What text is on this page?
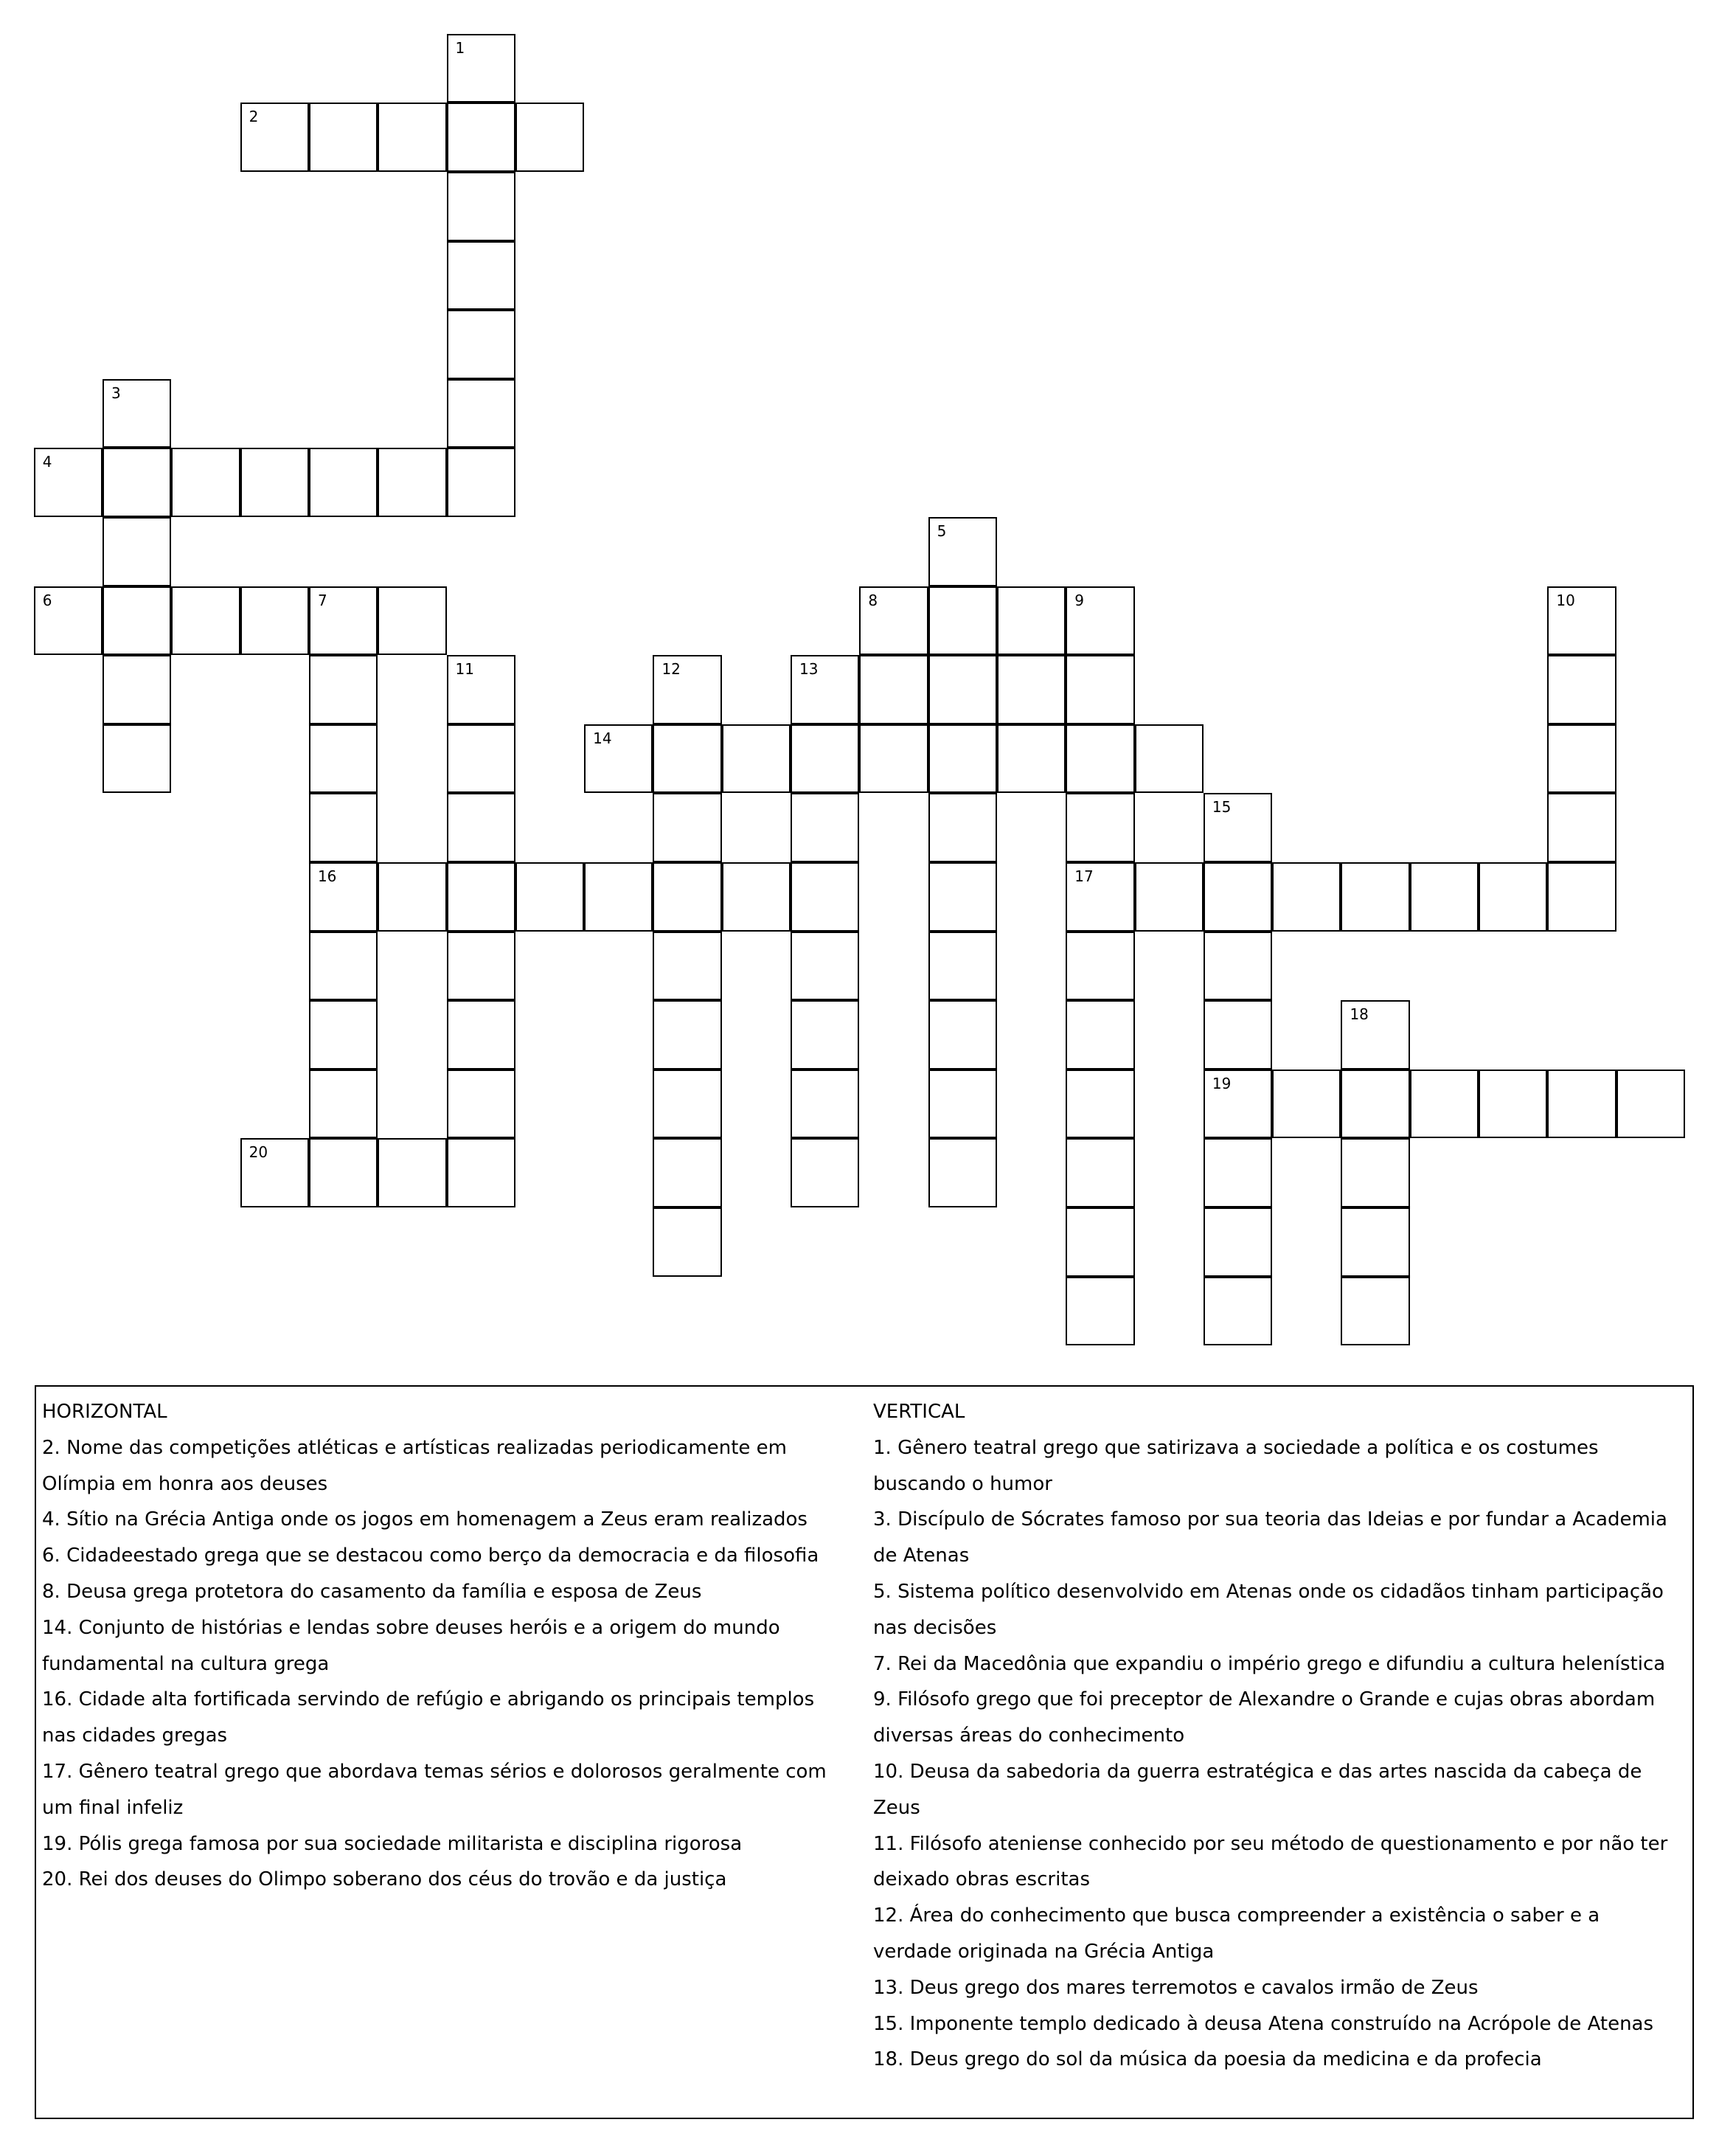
1
2
3
4
5
6	7	8	9	10
11	12	13
14
15
16	17
18
19
20

HORIZONTAL

2. Nome das competições atléticas e artísticas realizadas periodicamente em

Olímpia em honra aos deuses

4. Sítio na Grécia Antiga onde os jogos em homenagem a Zeus eram realizados

6. Cidadeestado grega que se destacou como berço da democracia e da filosofia

8. Deusa grega protetora do casamento da família e esposa de Zeus

14. Conjunto de histórias e lendas sobre deuses heróis e a origem do mundo

fundamental na cultura grega

16. Cidade alta fortificada servindo de refúgio e abrigando os principais templos

nas cidades gregas

17. Gênero teatral grego que abordava temas sérios e dolorosos geralmente com

um final infeliz

19. Pólis grega famosa por sua sociedade militarista e disciplina rigorosa

20. Rei dos deuses do Olimpo soberano dos céus do trovão e da justiça

VERTICAL

1. Gênero teatral grego que satirizava a sociedade a política e os costumes

buscando o humor

3. Discípulo de Sócrates famoso por sua teoria das Ideias e por fundar a Academia

de Atenas

5. Sistema político desenvolvido em Atenas onde os cidadãos tinham participação

nas decisões

7. Rei da Macedônia que expandiu o império grego e difundiu a cultura helenística

9. Filósofo grego que foi preceptor de Alexandre o Grande e cujas obras abordam

diversas áreas do conhecimento

10. Deusa da sabedoria da guerra estratégica e das artes nascida da cabeça de

Zeus

11. Filósofo ateniense conhecido por seu método de questionamento e por não ter

deixado obras escritas

12. Área do conhecimento que busca compreender a existência o saber e a

verdade originada na Grécia Antiga

13. Deus grego dos mares terremotos e cavalos irmão de Zeus

15. Imponente templo dedicado à deusa Atena construído na Acrópole de Atenas

18. Deus grego do sol da música da poesia da medicina e da profecia
